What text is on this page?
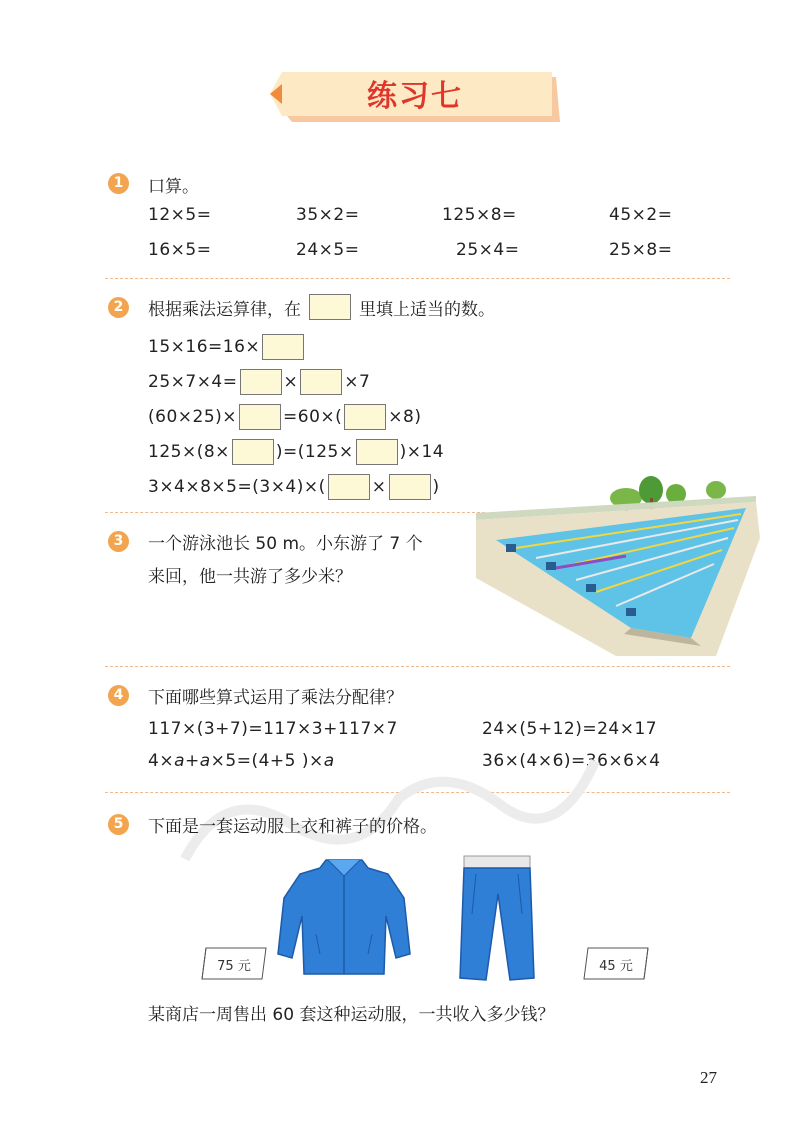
练习七
1	口算。
12×5=	35×2=	125×8=	45×2=
16×5=	24×5=	25×4=	25×8=
2	根据乘法运算律，在	里填上适当的数。
15×16=16×
25×7×4=	×	×7
(60×25)×	=60×(	×8)
125×(8×	)=(125×	)×14
3×4×8×5=(3×4)×(	×	)
3	一个游泳池长 50 m。小东游了 7 个
来回，他一共游了多少米？
4	下面哪些算式运用了乘法分配律？
117×(3+7)=117×3+117×7	24×(5+12)=24×17
4×a+a×5=(4+5 )×a	36×(4×6)=36×6×4
5	下面是一套运动服上衣和裤子的价格。
75 元	45 元
某商店一周售出 60 套这种运动服，一共收入多少钱？
27
